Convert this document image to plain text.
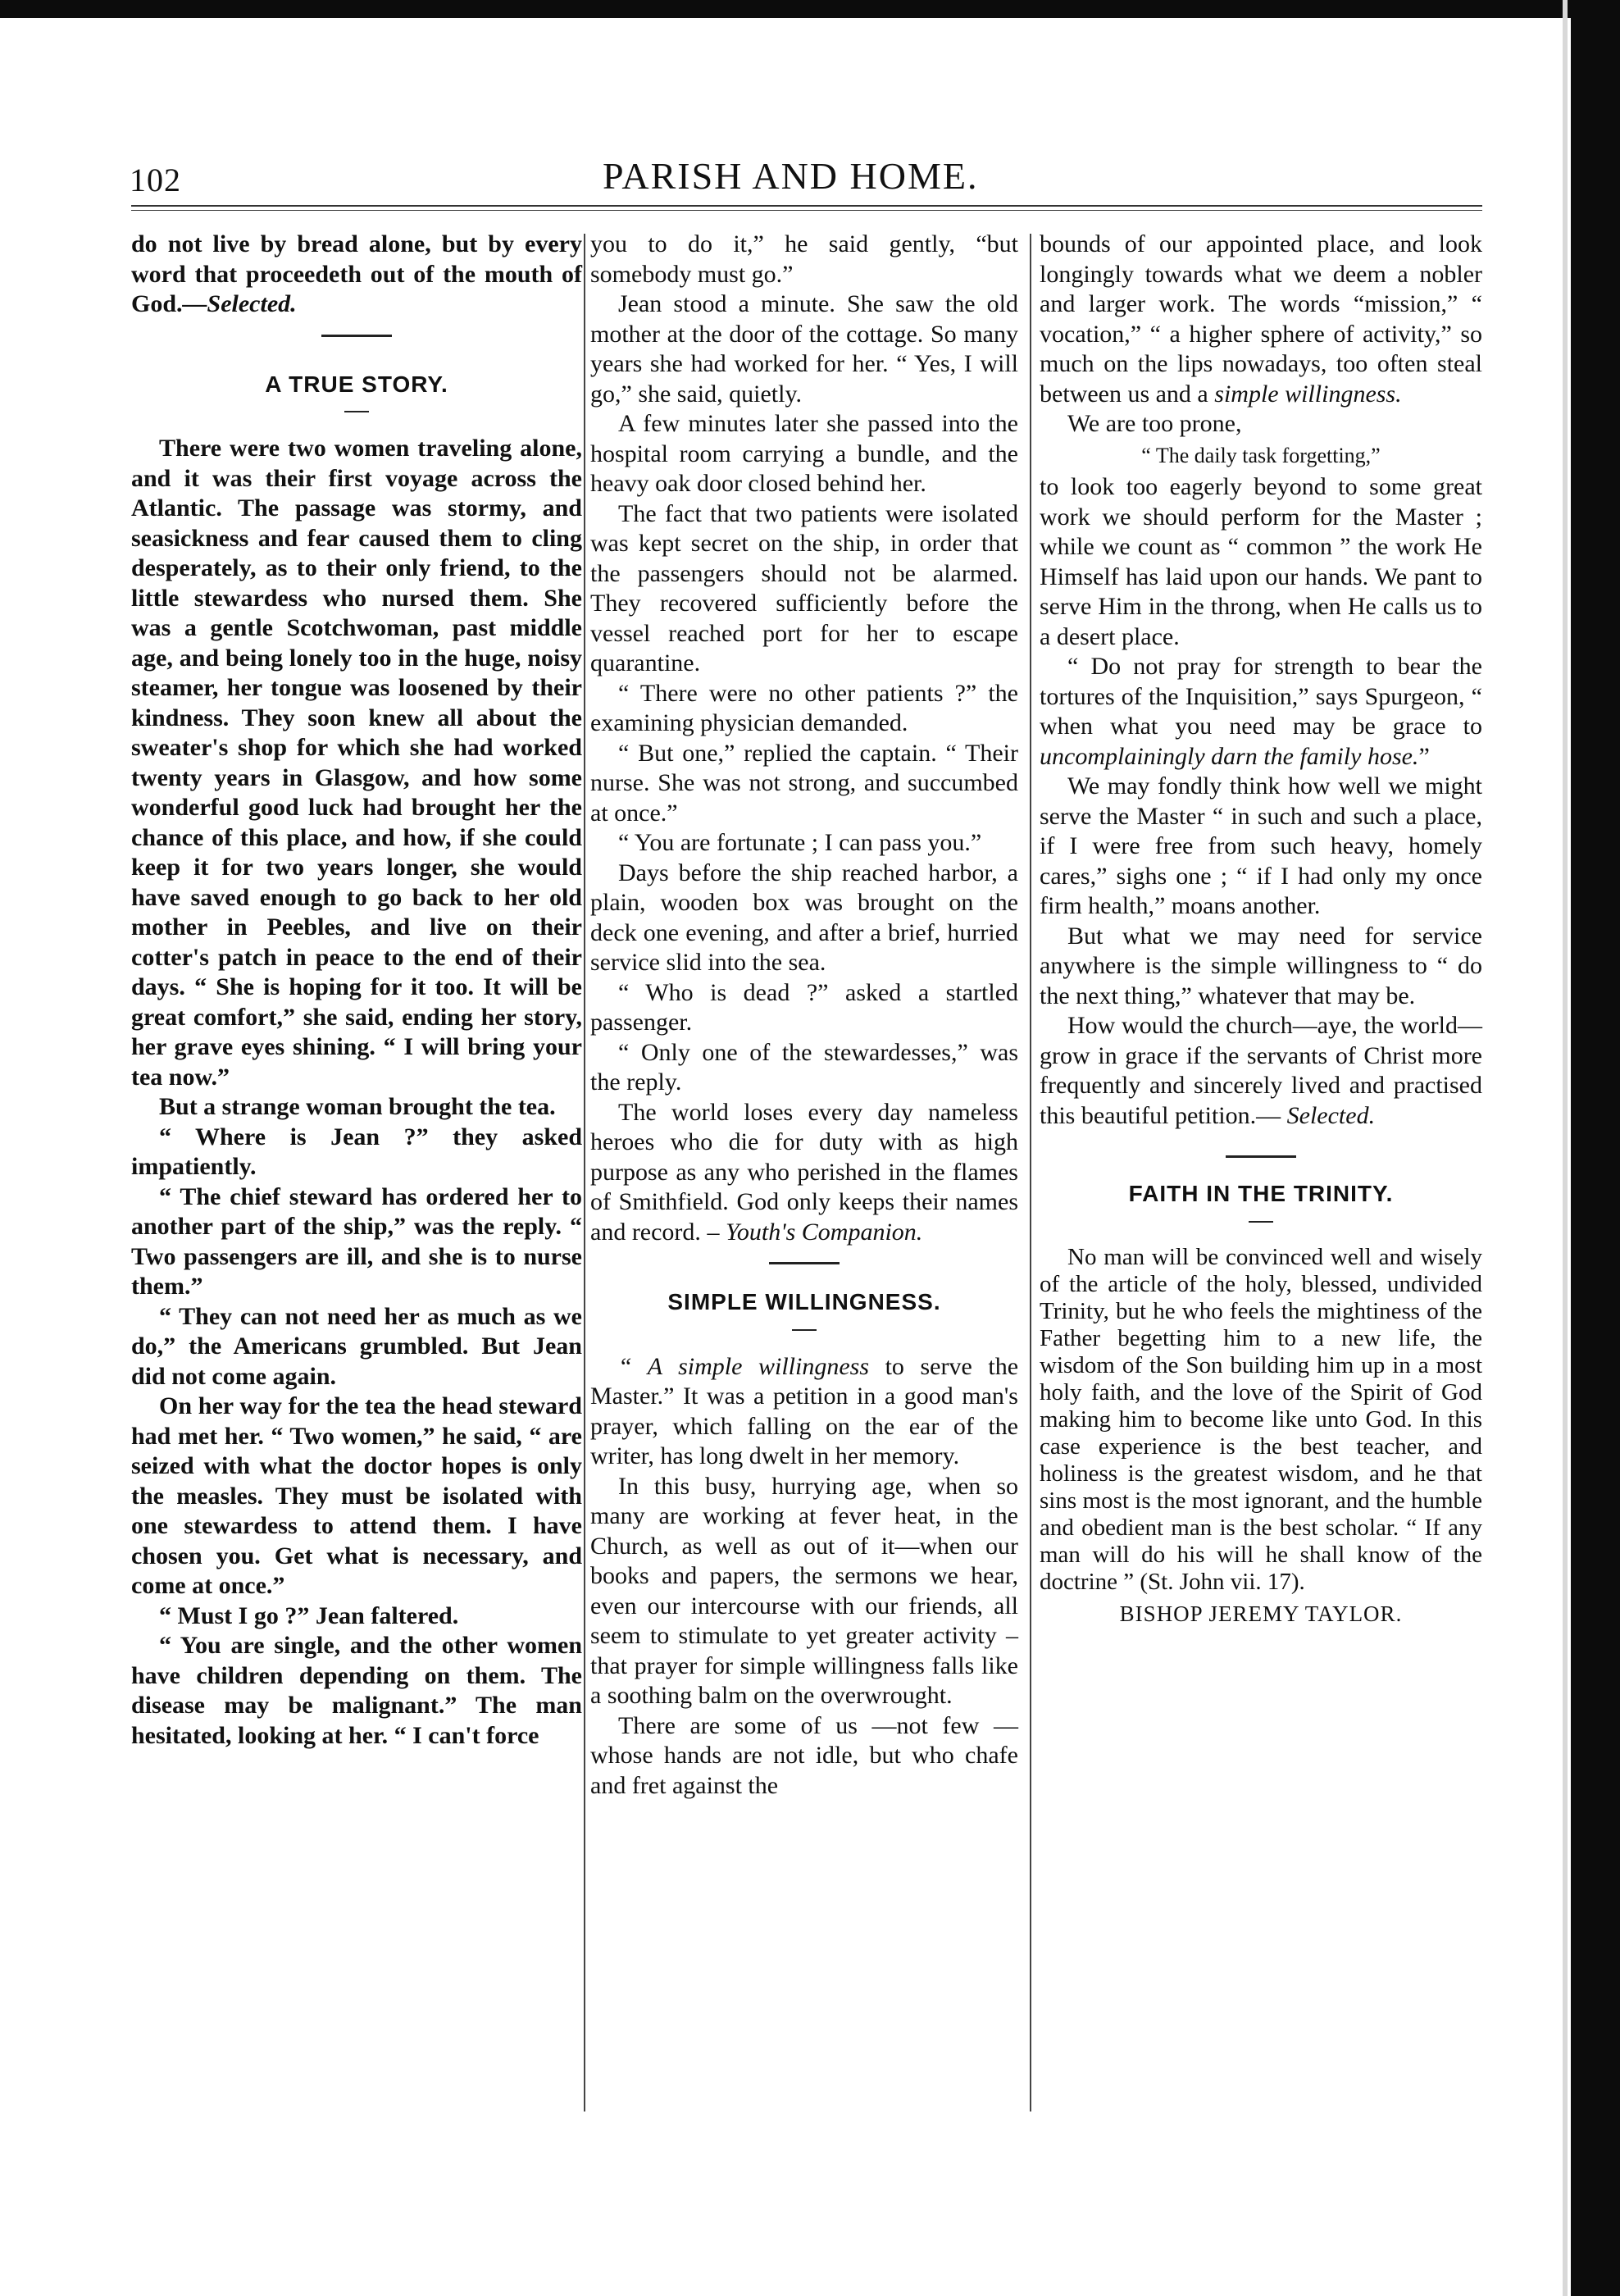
102	PARISH AND HOME.

do not live by bread alone, but by every word that proceedeth out of the mouth of God.—Selected.

A TRUE STORY.

There were two women traveling alone, and it was their first voyage across the Atlantic. The passage was stormy, and seasickness and fear caused them to cling desperately, as to their only friend, to the little stewardess who nursed them. She was a gentle Scotchwoman, past middle age, and being lonely too in the huge, noisy steamer, her tongue was loosened by their kindness. They soon knew all about the sweater's shop for which she had worked twenty years in Glasgow, and how some wonderful good luck had brought her the chance of this place, and how, if she could keep it for two years longer, she would have saved enough to go back to her old mother in Peebles, and live on their cotter's patch in peace to the end of their days. “ She is hoping for it too. It will be great comfort,” she said, ending her story, her grave eyes shining. “ I will bring your tea now.”

But a strange woman brought the tea.

“ Where is Jean ?” they asked impatiently.

“ The chief steward has ordered her to another part of the ship,” was the reply. “ Two passengers are ill, and she is to nurse them.”

“ They can not need her as much as we do,” the Americans grumbled. But Jean did not come again.

On her way for the tea the head steward had met her. “ Two women,” he said, “ are seized with what the doctor hopes is only the measles. They must be isolated with one stewardess to attend them. I have chosen you. Get what is necessary, and come at once.”

“ Must I go ?” Jean faltered.

“ You are single, and the other women have children depending on them. The disease may be malignant.” The man hesitated, looking at her. “ I can't force

you to do it,” he said gently, “but somebody must go.”

Jean stood a minute. She saw the old mother at the door of the cottage. So many years she had worked for her. “ Yes, I will go,” she said, quietly.

A few minutes later she passed into the hospital room carrying a bundle, and the heavy oak door closed behind her.

The fact that two patients were isolated was kept secret on the ship, in order that the passengers should not be alarmed. They recovered sufficiently before the vessel reached port for her to escape quarantine.

“ There were no other patients ?” the examining physician demanded.

“ But one,” replied the captain. “ Their nurse. She was not strong, and succumbed at once.”

“ You are fortunate ; I can pass you.”

Days before the ship reached harbor, a plain, wooden box was brought on the deck one evening, and after a brief, hurried service slid into the sea.

“ Who is dead ?” asked a startled passenger.

“ Only one of the stewardesses,” was the reply.

The world loses every day nameless heroes who die for duty with as high purpose as any who perished in the flames of Smithfield. God only keeps their names and record. – Youth's Companion.

SIMPLE WILLINGNESS.

“ A simple willingness to serve the Master.” It was a petition in a good man's prayer, which falling on the ear of the writer, has long dwelt in her memory.

In this busy, hurrying age, when so many are working at fever heat, in the Church, as well as out of it—when our books and papers, the sermons we hear, even our intercourse with our friends, all seem to stimulate to yet greater activity –that prayer for simple willingness falls like a soothing balm on the overwrought.

There are some of us —not few —whose hands are not idle, but who chafe and fret against the

bounds of our appointed place, and look longingly towards what we deem a nobler and larger work. The words “mission,” “ vocation,” “ a higher sphere of activity,” so much on the lips nowadays, too often steal between us and a simple willingness.

We are too prone,

“ The daily task forgetting,”

to look too eagerly beyond to some great work we should perform for the Master ; while we count as “ common ” the work He Himself has laid upon our hands. We pant to serve Him in the throng, when He calls us to a desert place.

“ Do not pray for strength to bear the tortures of the Inquisition,” says Spurgeon, “ when what you need may be grace to uncomplainingly darn the family hose.”

We may fondly think how well we might serve the Master “ in such and such a place, if I were free from such heavy, homely cares,” sighs one ; “ if I had only my once firm health,” moans another.

But what we may need for service anywhere is the simple willingness to “ do the next thing,” whatever that may be.

How would the church—aye, the world—grow in grace if the servants of Christ more frequently and sincerely lived and practised this beautiful petition.— Selected.

FAITH IN THE TRINITY.

No man will be convinced well and wisely of the article of the holy, blessed, undivided Trinity, but he who feels the mightiness of the Father begetting him to a new life, the wisdom of the Son building him up in a most holy faith, and the love of the Spirit of God making him to become like unto God. In this case experience is the best teacher, and holiness is the greatest wisdom, and he that sins most is the most ignorant, and the humble and obedient man is the best scholar. “ If any man will do his will he shall know of the doctrine ” (St. John vii. 17).

BISHOP JEREMY TAYLOR.
